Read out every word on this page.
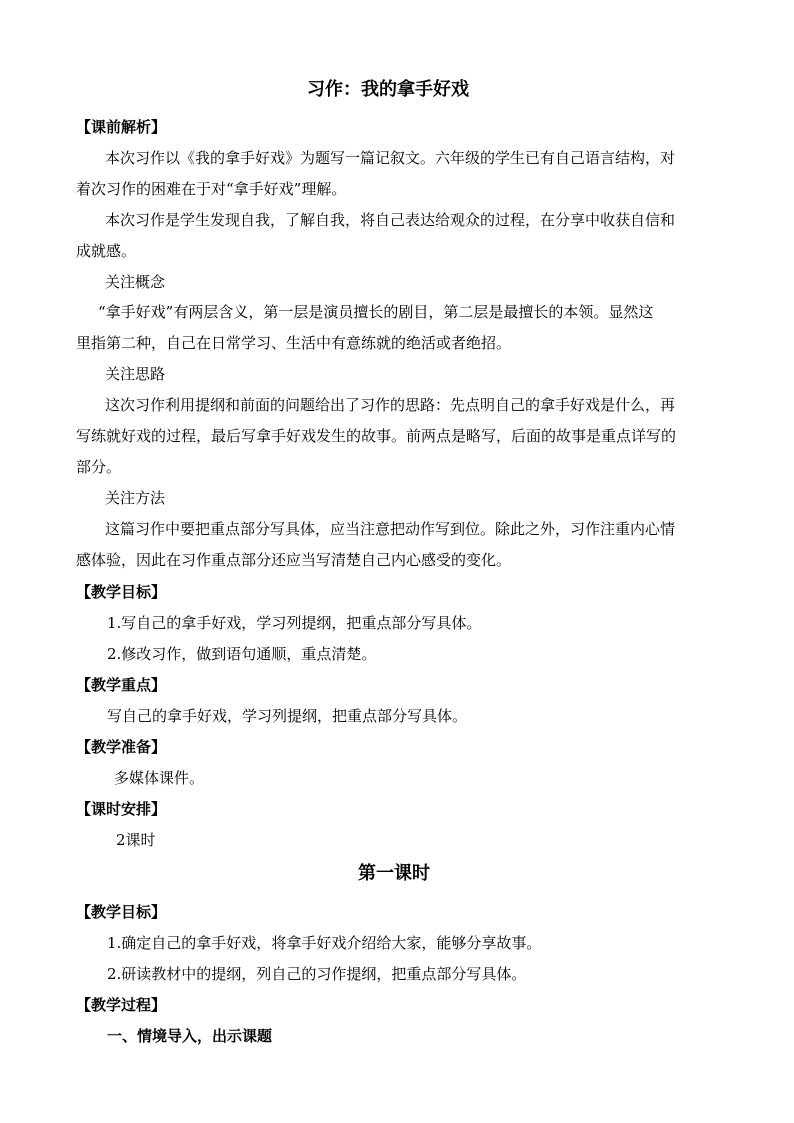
习作：我的拿手好戏
【课前解析】
本次习作以《我的拿手好戏》为题写一篇记叙文。六年级的学生已有自己语言结构，对
着次习作的困难在于对“拿手好戏”理解。
本次习作是学生发现自我，了解自我，将自己表达给观众的过程，在分享中收获自信和
成就感。
关注概念
“拿手好戏”有两层含义，第一层是演员擅长的剧目，第二层是最擅长的本领。显然这
里指第二种，自己在日常学习、生活中有意练就的绝活或者绝招。
关注思路
这次习作利用提纲和前面的问题给出了习作的思路：先点明自己的拿手好戏是什么，再
写练就好戏的过程，最后写拿手好戏发生的故事。前两点是略写，后面的故事是重点详写的
部分。
关注方法
这篇习作中要把重点部分写具体，应当注意把动作写到位。除此之外，习作注重内心情
感体验，因此在习作重点部分还应当写清楚自己内心感受的变化。
【教学目标】
1.写自己的拿手好戏，学习列提纲，把重点部分写具体。
2.修改习作，做到语句通顺，重点清楚。
【教学重点】
写自己的拿手好戏，学习列提纲，把重点部分写具体。
【教学准备】
多媒体课件。
【课时安排】
2课时
第一课时
【教学目标】
1.确定自己的拿手好戏，将拿手好戏介绍给大家，能够分享故事。
2.研读教材中的提纲，列自己的习作提纲，把重点部分写具体。
【教学过程】
一、情境导入，出示课题
